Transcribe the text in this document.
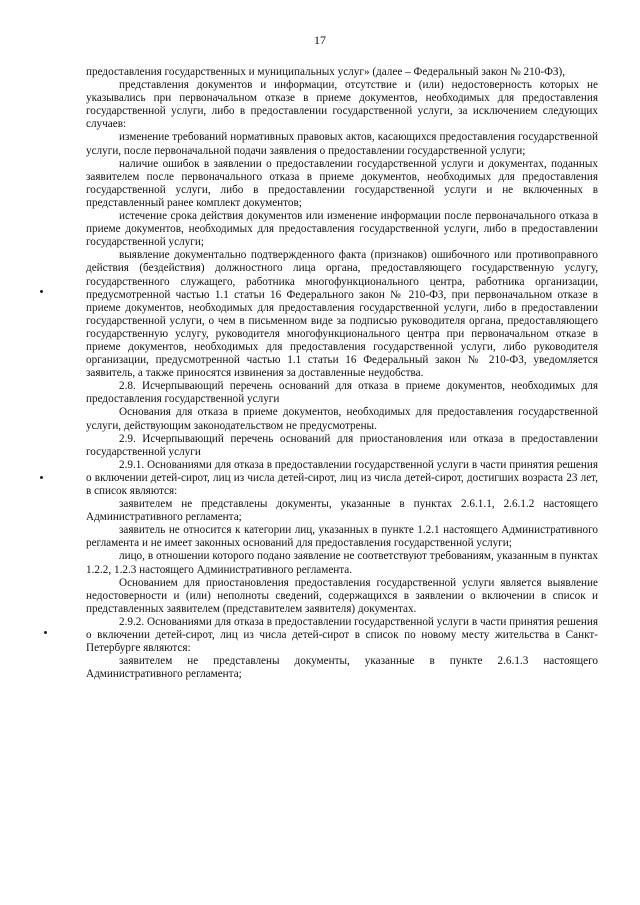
17

предоставления государственных и муниципальных услуг» (далее – Федеральный закон № 210-ФЗ),

представления документов и информации, отсутствие и (или) недостоверность которых не указывались при первоначальном отказе в приеме документов, необходимых для предоставления государственной услуги, либо в предоставлении государственной услуги, за исключением следующих случаев:

изменение требований нормативных правовых актов, касающихся предоставления государственной услуги, после первоначальной подачи заявления о предоставлении государственной услуги;

наличие ошибок в заявлении о предоставлении государственной услуги и документах, поданных заявителем после первоначального отказа в приеме документов, необходимых для предоставления государственной услуги, либо в предоставлении государственной услуги и не включенных в представленный ранее комплект документов;

истечение срока действия документов или изменение информации после первоначального отказа в приеме документов, необходимых для предоставления государственной услуги, либо в предоставлении государственной услуги;

выявление документально подтвержденного факта (признаков) ошибочного или противоправного действия (бездействия) должностного лица органа, предоставляющего государственную услугу, государственного служащего, работника многофункционального центра, работника организации, предусмотренной частью 1.1 статьи 16 Федерального закон № 210-ФЗ, при первоначальном отказе в приеме документов, необходимых для предоставления государственной услуги, либо в предоставлении государственной услуги, о чем в письменном виде за подписью руководителя органа, предоставляющего государственную услугу, руководителя многофункционального центра при первоначальном отказе в приеме документов, необходимых для предоставления государственной услуги, либо руководителя организации, предусмотренной частью 1.1 статьи 16 Федеральный закон № 210-ФЗ, уведомляется заявитель, а также приносятся извинения за доставленные неудобства.

2.8. Исчерпывающий перечень оснований для отказа в приеме документов, необходимых для предоставления государственной услуги

Основания для отказа в приеме документов, необходимых для предоставления государственной услуги, действующим законодательством не предусмотрены.

2.9. Исчерпывающий перечень оснований для приостановления или отказа в предоставлении государственной услуги

2.9.1. Основаниями для отказа в предоставлении государственной услуги в части принятия решения о включении детей-сирот, лиц из числа детей-сирот, лиц из числа детей-сирот, достигших возраста 23 лет, в список являются:

заявителем не представлены документы, указанные в пунктах 2.6.1.1, 2.6.1.2 настоящего Административного регламента;

заявитель не относится к категории лиц, указанных в пункте 1.2.1 настоящего Административного регламента и не имеет законных оснований для предоставления государственной услуги;

лицо, в отношении которого подано заявление не соответствуют требованиям, указанным в пунктах 1.2.2, 1.2.3 настоящего Административного регламента.

Основанием для приостановления предоставления государственной услуги является выявление недостоверности и (или) неполноты сведений, содержащихся в заявлении о включении в список и представленных заявителем (представителем заявителя) документах.

2.9.2. Основаниями для отказа в предоставлении государственной услуги в части принятия решения о включении детей-сирот, лиц из числа детей-сирот в список по новому месту жительства в Санкт-Петербурге являются:

заявителем не представлены документы, указанные в пункте 2.6.1.3 настоящего Административного регламента;
